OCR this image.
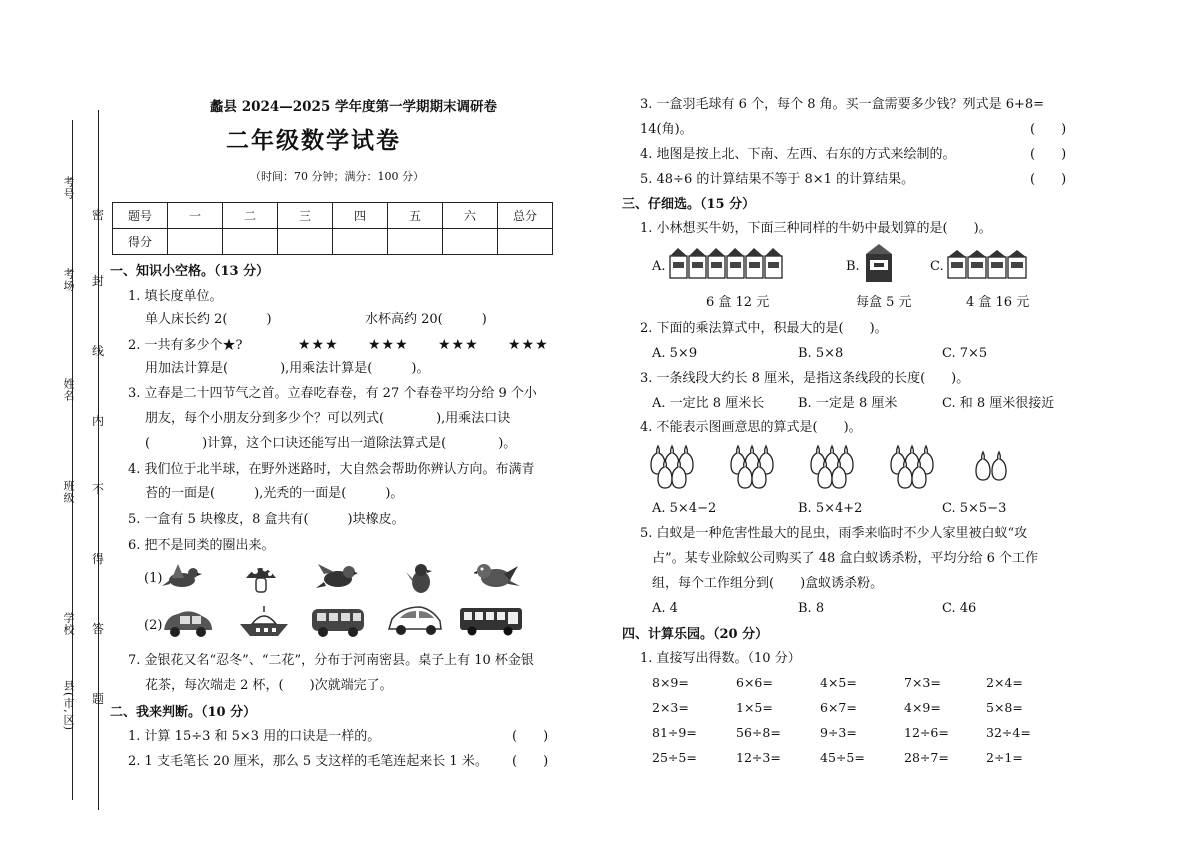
考号
考场
姓名
班级
学校
县(市,区)
密
封
线
内
不
得
答
题
蠡县 2024—2025 学年度第一学期期末调研卷
二年级数学试卷
（时间：70 分钟；满分：100 分）
题号	一	二	三	四	五	六	总分
得分							
一、知识小空格。（13 分）
1. 填长度单位。
单人床长约 2(　　　)	水杯高约 20(　　　)
2. 一共有多少个★?	★★★ ★★★ ★★★ ★★★
用加法计算是(　　　　),用乘法计算是(　　　)。
3. 立春是二十四节气之首。立春吃春卷，有 27 个春卷平均分给 9 个小
朋友，每个小朋友分到多少个？可以列式(　　　　),用乘法口诀
(　　　　)计算，这个口诀还能写出一道除法算式是(　　　　)。
4. 我们位于北半球，在野外迷路时，大自然会帮助你辨认方向。布满青
苔的一面是(　　　),光秃的一面是(　　　)。
5. 一盒有 5 块橡皮，8 盒共有(　　　)块橡皮。
6. 把不是同类的圈出来。
(1)
(2)
7. 金银花又名“忍冬”、“二花”，分布于河南密县。桌子上有 10 杯金银
花茶，每次端走 2 杯，(　　)次就端完了。
二、我来判断。（10 分）
1. 计算 15÷3 和 5×3 用的口诀是一样的。	(　　)
2. 1 支毛笔长 20 厘米，那么 5 支这样的毛笔连起来长 1 米。 (　　)
3. 一盒羽毛球有 6 个，每个 8 角。买一盒需要多少钱？列式是 6+8=
14(角)。	(　　)
4. 地图是按上北、下南、左西、右东的方式来绘制的。	(　　)
5. 48÷6 的计算结果不等于 8×1 的计算结果。	(　　)
三、仔细选。（15 分）
1. 小林想买牛奶，下面三种同样的牛奶中最划算的是(　　)。
A.	B.	C.
6 盒 12 元	每盒 5 元	4 盒 16 元
2. 下面的乘法算式中，积最大的是(　　)。
A. 5×9	B. 5×8	C. 7×5
3. 一条线段大约长 8 厘米，是指这条线段的长度(　　)。
A. 一定比 8 厘米长	B. 一定是 8 厘米	C. 和 8 厘米很接近
4. 不能表示图画意思的算式是(　　)。
A. 5×4−2	B. 5×4+2	C. 5×5−3
5. 白蚁是一种危害性最大的昆虫，雨季来临时不少人家里被白蚁“攻
占”。某专业除蚁公司购买了 48 盒白蚁诱杀粉，平均分给 6 个工作
组，每个工作组分到(　　)盒蚁诱杀粉。
A. 4	B. 8	C. 46
四、计算乐园。（20 分）
1. 直接写出得数。（10 分）
8×9=	6×6=	4×5=	7×3=	2×4=
2×3=	1×5=	6×7=	4×9=	5×8=
81÷9=	56÷8=	9÷3=	12÷6=	32÷4=
25÷5=	12÷3=	45÷5=	28÷7=	2÷1=
